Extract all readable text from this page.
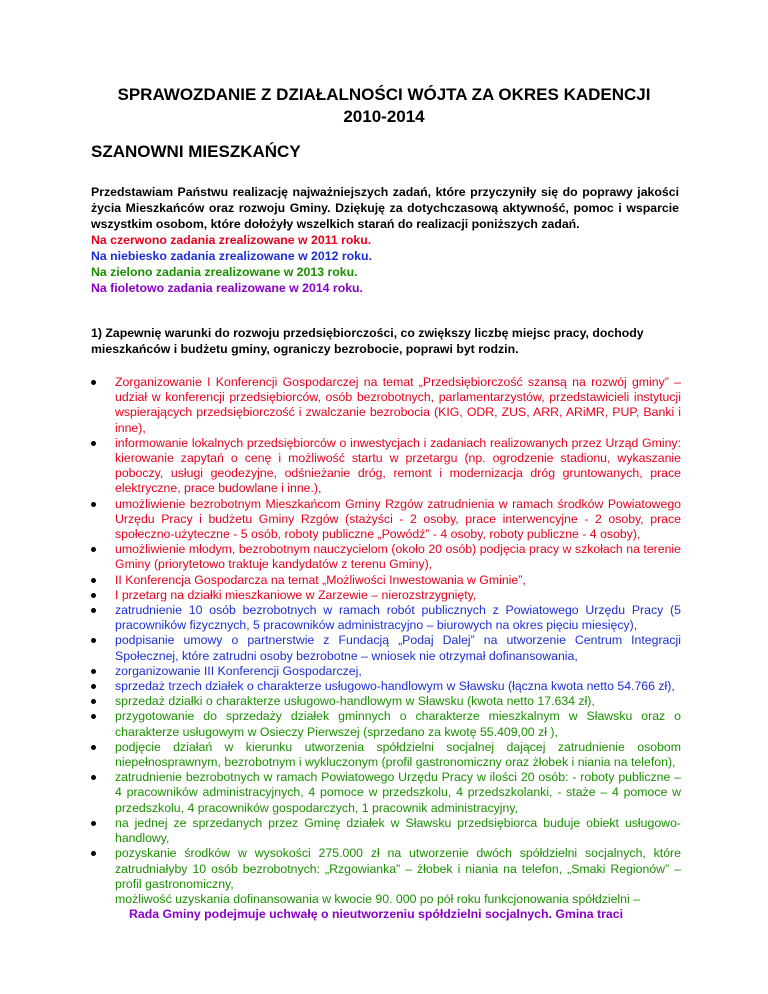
SPRAWOZDANIE Z DZIAŁALNOŚCI WÓJTA ZA OKRES KADENCJI
2010-2014
SZANOWNI MIESZKAŃCY

Przedstawiam Państwu realizację najważniejszych zadań, które przyczyniły się do poprawy jakości życia Mieszkańców oraz rozwoju Gminy. Dziękuję za dotychczasową aktywność, pomoc i wsparcie wszystkim osobom, które dołożyły wszelkich starań do realizacji poniższych zadań.

Na czerwono zadania zrealizowane w 2011 roku.

Na niebiesko zadania zrealizowane w 2012 roku.

Na zielono zadania zrealizowane w 2013 roku.

Na fioletowo zadania realizowane w 2014 roku.

1) Zapewnię warunki do rozwoju przedsiębiorczości, co zwiększy liczbę miejsc pracy, dochody mieszkańców i budżetu gminy, ograniczy bezrobocie, poprawi byt rodzin.
Zorganizowanie I Konferencji Gospodarczej na temat „Przedsiębiorczość szansą na rozwój gminy” – udział w konferencji przedsiębiorców, osób bezrobotnych, parlamentarzystów, przedstawicieli instytucji wspierających przedsiębiorczość i zwalczanie bezrobocia (KIG, ODR, ZUS, ARR, ARiMR, PUP, Banki i inne),
informowanie lokalnych przedsiębiorców o inwestycjach i zadaniach realizowanych przez Urząd Gminy: kierowanie zapytań o cenę i możliwość startu w przetargu (np. ogrodzenie stadionu, wykaszanie poboczy, usługi geodezyjne, odśnieżanie dróg, remont i modernizacja dróg gruntowanych, prace elektryczne, prace budowlane i inne.),
umożliwienie bezrobotnym Mieszkańcom Gminy Rzgów zatrudnienia w ramach środków Powiatowego Urzędu Pracy i budżetu Gminy Rzgów (stażyści - 2 osoby, prace interwencyjne - 2 osoby, prace społeczno-użyteczne - 5 osób, roboty publiczne „Powódź” - 4 osoby, roboty publiczne - 4 osoby),
umożliwienie młodym, bezrobotnym nauczycielom (około 20 osób) podjęcia pracy w szkołach na terenie Gminy (priorytetowo traktuje kandydatów z terenu Gminy),
II Konferencja Gospodarcza na temat „Możliwości Inwestowania w Gminie”,
I przetarg na działki mieszkaniowe w Zarzewie – nierozstrzygnięty,
zatrudnienie 10 osób bezrobotnych w ramach robót publicznych z Powiatowego Urzędu Pracy (5 pracowników fizycznych, 5 pracowników administracyjno – biurowych na okres pięciu miesięcy),
podpisanie umowy o partnerstwie z Fundacją „Podaj Dalej” na utworzenie Centrum Integracji Społecznej, które zatrudni osoby bezrobotne – wniosek nie otrzymał dofinansowania,
zorganizowanie III Konferencji Gospodarczej,
sprzedaż trzech działek o charakterze usługowo-handlowym w Sławsku (łączna kwota netto 54.766 zł),
sprzedaż działki o charakterze usługowo-handlowym w Sławsku (kwota netto 17.634 zł),
przygotowanie do sprzedaży działek gminnych o charakterze mieszkalnym w Sławsku oraz o charakterze usługowym w Osieczy Pierwszej (sprzedano za kwotę 55.409,00 zł ),
podjęcie działań w kierunku utworzenia spółdzielni socjalnej dającej zatrudnienie osobom niepełnosprawnym, bezrobotnym i wykluczonym (profil gastronomiczny oraz żłobek i niania na telefon),
zatrudnienie bezrobotnych w ramach Powiatowego Urzędu Pracy w ilości 20 osób: - roboty publiczne – 4 pracowników administracyjnych, 4 pomoce w przedszkolu, 4 przedszkolanki, - staże – 4 pomoce w przedszkolu, 4 pracowników gospodarczych, 1 pracownik administracyjny,
na jednej ze sprzedanych przez Gminę działek w Sławsku przedsiębiorca buduje obiekt usługowo-handlowy,
pozyskanie środków w wysokości 275.000 zł na utworzenie dwóch spółdzielni socjalnych, które zatrudniałyby 10 osób bezrobotnych: „Rzgowianka” – żłobek i niania na telefon, „Smaki Regionów” – profil gastronomiczny,
możliwość uzyskania dofinansowania w kwocie 90. 000 po pół roku funkcjonowania spółdzielni –
Rada Gminy podejmuje uchwałę o nieutworzeniu spółdzielni socjalnych. Gmina traci
